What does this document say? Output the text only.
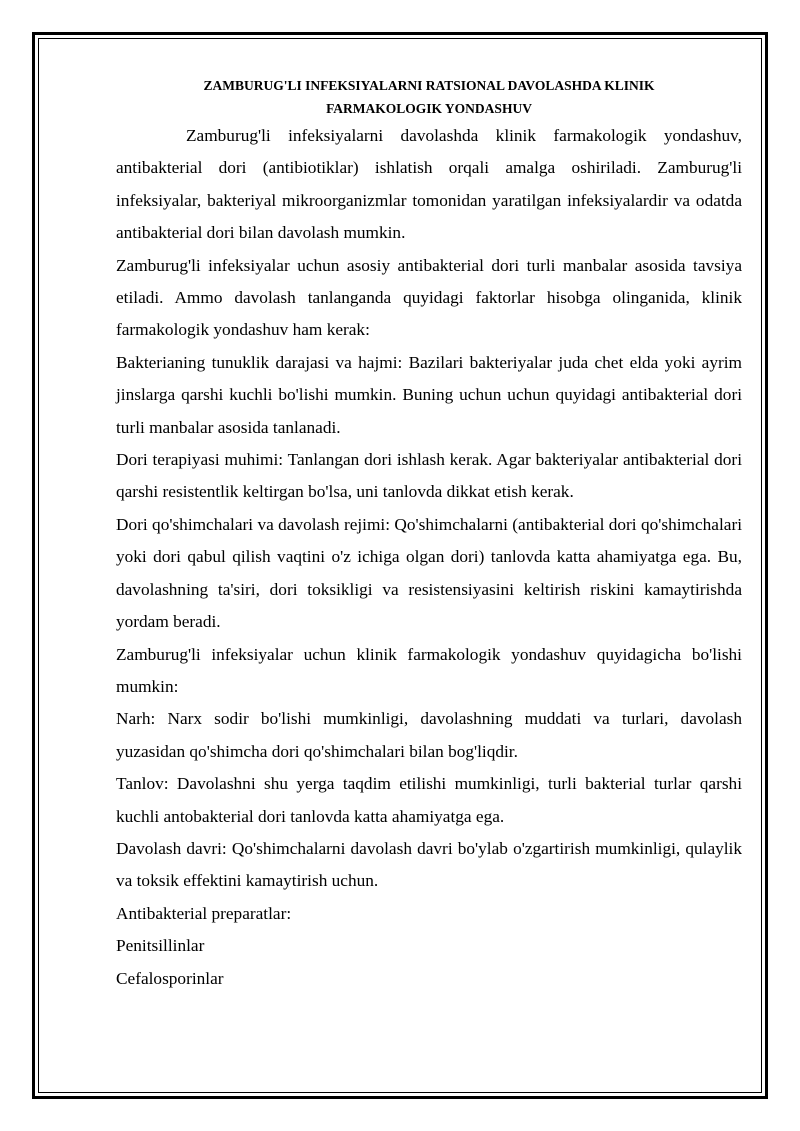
ZAMBURUG'LI INFEKSIYALARNI RATSIONAL DAVOLASHDA KLINIK
FARMAKOLOGIK YONDASHUV

Zamburug'li infeksiyalarni davolashda klinik farmakologik yondashuv, antibakterial dori (antibiotiklar) ishlatish orqali amalga oshiriladi. Zamburug'li infeksiyalar, bakteriyal mikroorganizmlar tomonidan yaratilgan infeksiyalardir va odatda antibakterial dori bilan davolash mumkin.

Zamburug'li infeksiyalar uchun asosiy antibakterial dori turli manbalar asosida tavsiya etiladi. Ammo davolash tanlanganda quyidagi faktorlar hisobga olinganida, klinik farmakologik yondashuv ham kerak:

Bakterianing tunuklik darajasi va hajmi: Bazilari bakteriyalar juda chet elda yoki ayrim jinslarga qarshi kuchli bo'lishi mumkin. Buning uchun uchun quyidagi antibakterial dori turli manbalar asosida tanlanadi.

Dori terapiyasi muhimi: Tanlangan dori ishlash kerak. Agar bakteriyalar antibakterial dori qarshi resistentlik keltirgan bo'lsa, uni tanlovda dikkat etish kerak.

Dori qo'shimchalari va davolash rejimi: Qo'shimchalarni (antibakterial dori qo'shimchalari yoki dori qabul qilish vaqtini o'z ichiga olgan dori) tanlovda katta ahamiyatga ega. Bu, davolashning ta'siri, dori toksikligi va resistensiyasini keltirish riskini kamaytirishda yordam beradi.

Zamburug'li infeksiyalar uchun klinik farmakologik yondashuv quyidagicha bo'lishi mumkin:

Narh: Narx sodir bo'lishi mumkinligi, davolashning muddati va turlari, davolash yuzasidan qo'shimcha dori qo'shimchalari bilan bog'liqdir.

Tanlov: Davolashni shu yerga taqdim etilishi mumkinligi, turli bakterial turlar qarshi kuchli antobakterial dori tanlovda katta ahamiyatga ega.

Davolash davri: Qo'shimchalarni davolash davri bo'ylab o'zgartirish mumkinligi, qulaylik va toksik effektini kamaytirish uchun.

Antibakterial preparatlar:

Penitsillinlar

Cefalosporinlar
